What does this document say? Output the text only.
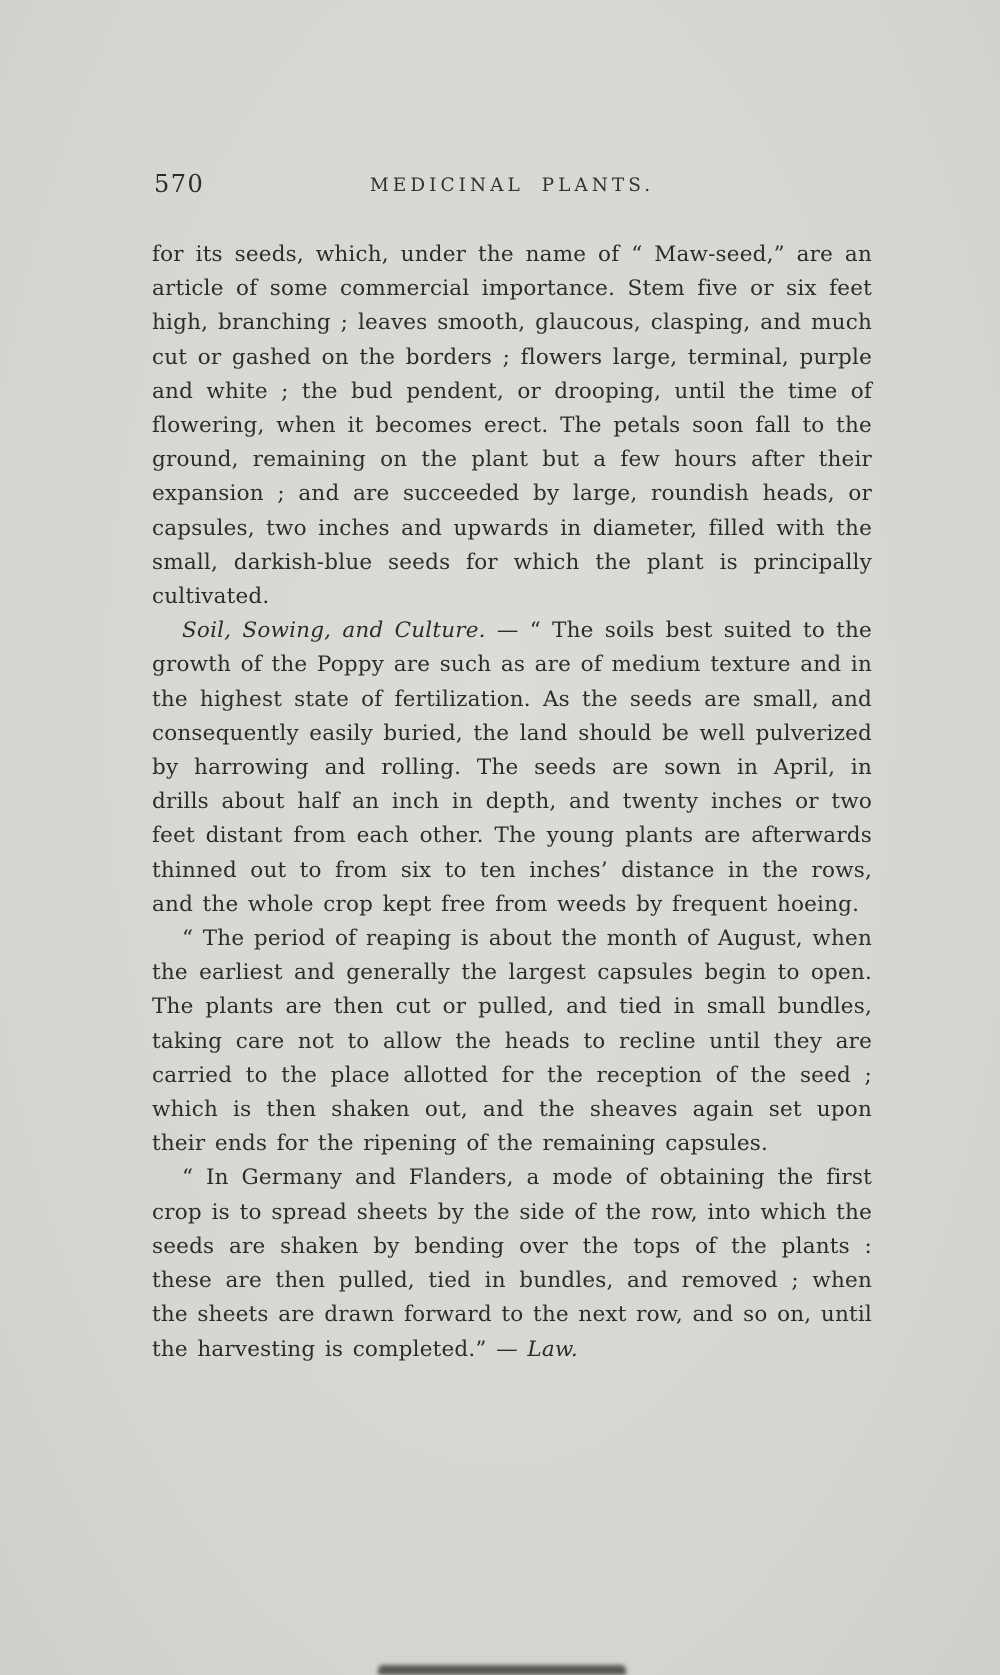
570	MEDICINAL PLANTS.

for its seeds, which, under the name of “ Maw-seed,” are an article of some commercial importance. Stem five or six feet high, branching ; leaves smooth, glaucous, clasping, and much cut or gashed on the borders ; flowers large, terminal, purple and white ; the bud pendent, or drooping, until the time of flowering, when it becomes erect. The petals soon fall to the ground, remaining on the plant but a few hours after their expansion ; and are succeeded by large, roundish heads, or capsules, two inches and upwards in diameter, filled with the small, darkish-blue seeds for which the plant is principally cultivated.

Soil, Sowing, and Culture. — “ The soils best suited to the growth of the Poppy are such as are of medium texture and in the highest state of fertilization. As the seeds are small, and consequently easily buried, the land should be well pulverized by harrowing and rolling. The seeds are sown in April, in drills about half an inch in depth, and twenty inches or two feet distant from each other. The young plants are afterwards thinned out to from six to ten inches’ distance in the rows, and the whole crop kept free from weeds by frequent hoeing.

“ The period of reaping is about the month of August, when the earliest and generally the largest capsules begin to open. The plants are then cut or pulled, and tied in small bundles, taking care not to allow the heads to recline until they are carried to the place allotted for the reception of the seed ; which is then shaken out, and the sheaves again set upon their ends for the ripening of the remaining capsules.

“ In Germany and Flanders, a mode of obtaining the first crop is to spread sheets by the side of the row, into which the seeds are shaken by bending over the tops of the plants : these are then pulled, tied in bundles, and removed ; when the sheets are drawn forward to the next row, and so on, until the harvesting is completed.” — Law.
